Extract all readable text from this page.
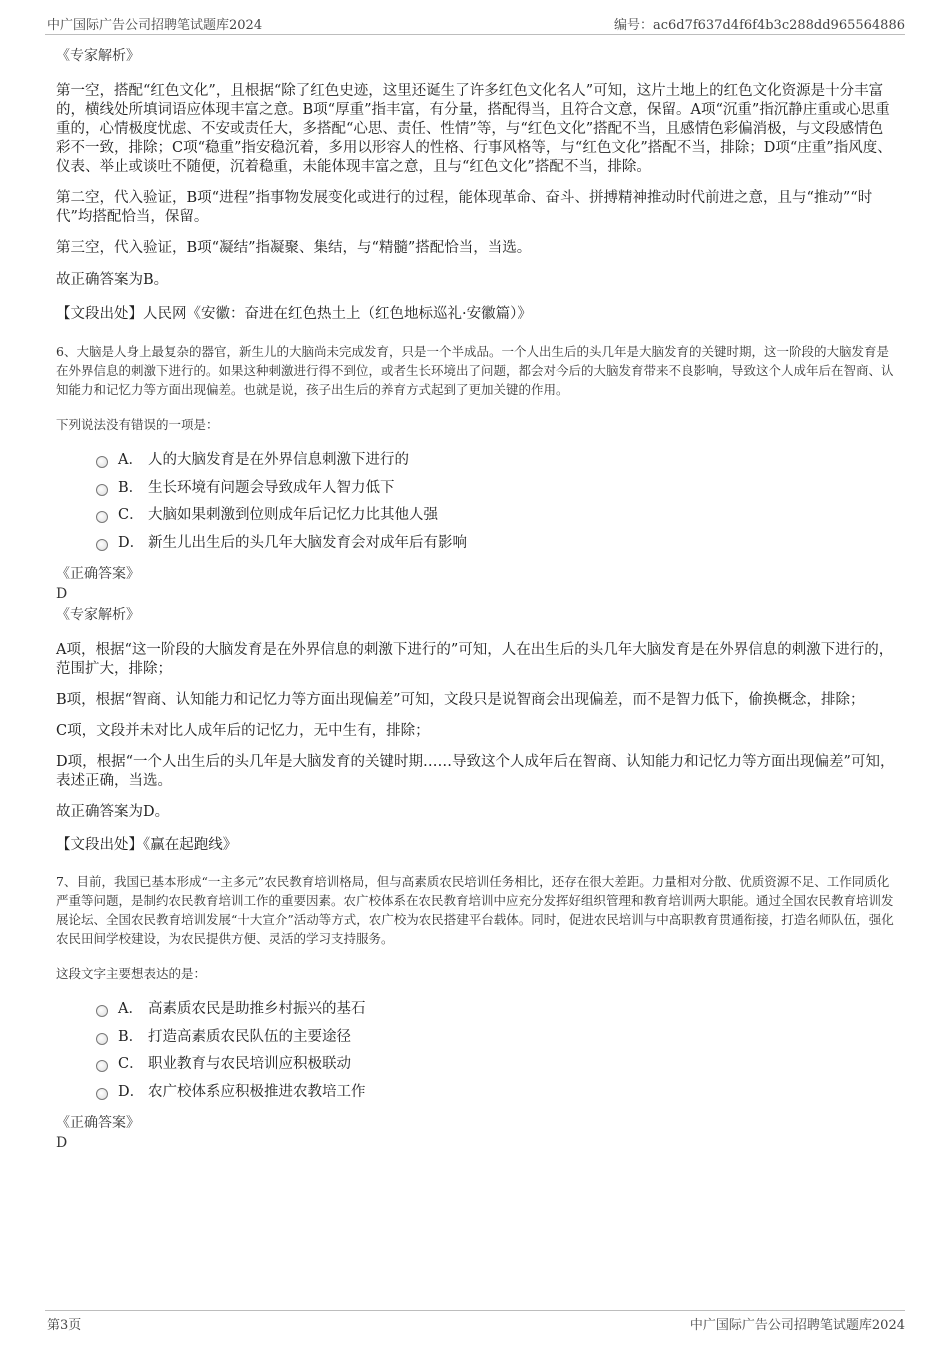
中广国际广告公司招聘笔试题库2024	编号：ac6d7f637d4f6f4b3c288dd965564886

《专家解析》

第一空，搭配“红色文化”，且根据“除了红色史迹，这里还诞生了许多红色文化名人”可知，这片土地上的红色文化资源是十分丰富的，横线处所填词语应体现丰富之意。B项“厚重”指丰富，有分量，搭配得当，且符合文意，保留。A项“沉重”指沉静庄重或心思重重的，心情极度忧虑、不安或责任大，多搭配“心思、责任、性情”等，与“红色文化”搭配不当，且感情色彩偏消极，与文段感情色彩不一致，排除；C项“稳重”指安稳沉着，多用以形容人的性格、行事风格等，与“红色文化”搭配不当，排除；D项“庄重”指风度、仪表、举止或谈吐不随便，沉着稳重，未能体现丰富之意，且与“红色文化”搭配不当，排除。

第二空，代入验证，B项“进程”指事物发展变化或进行的过程，能体现革命、奋斗、拼搏精神推动时代前进之意，且与“推动”“时代”均搭配恰当，保留。

第三空，代入验证，B项“凝结”指凝聚、集结，与“精髓”搭配恰当，当选。

故正确答案为B。

【文段出处】人民网《安徽：奋进在红色热土上（红色地标巡礼·安徽篇）》

6、大脑是人身上最复杂的器官，新生儿的大脑尚未完成发育，只是一个半成品。一个人出生后的头几年是大脑发育的关键时期，这一阶段的大脑发育是在外界信息的刺激下进行的。如果这种刺激进行得不到位，或者生长环境出了问题，都会对今后的大脑发育带来不良影响，导致这个人成年后在智商、认知能力和记忆力等方面出现偏差。也就是说，孩子出生后的养育方式起到了更加关键的作用。

下列说法没有错误的一项是：

A． 人的大脑发育是在外界信息刺激下进行的
B． 生长环境有问题会导致成年人智力低下
C． 大脑如果刺激到位则成年后记忆力比其他人强
D． 新生儿出生后的头几年大脑发育会对成年后有影响

《正确答案》

D

《专家解析》

A项，根据“这一阶段的大脑发育是在外界信息的刺激下进行的”可知，人在出生后的头几年大脑发育是在外界信息的刺激下进行的，范围扩大，排除；

B项，根据“智商、认知能力和记忆力等方面出现偏差”可知，文段只是说智商会出现偏差，而不是智力低下，偷换概念，排除；

C项，文段并未对比人成年后的记忆力，无中生有，排除；

D项，根据“一个人出生后的头几年是大脑发育的关键时期……导致这个人成年后在智商、认知能力和记忆力等方面出现偏差”可知，表述正确，当选。

故正确答案为D。

【文段出处】《赢在起跑线》

7、目前，我国已基本形成“一主多元”农民教育培训格局，但与高素质农民培训任务相比，还存在很大差距。力量相对分散、优质资源不足、工作同质化严重等问题，是制约农民教育培训工作的重要因素。农广校体系在农民教育培训中应充分发挥好组织管理和教育培训两大职能。通过全国农民教育培训发展论坛、全国农民教育培训发展“十大宣介”活动等方式，农广校为农民搭建平台载体。同时，促进农民培训与中高职教育贯通衔接，打造名师队伍，强化农民田间学校建设，为农民提供方便、灵活的学习支持服务。

这段文字主要想表达的是：

A． 高素质农民是助推乡村振兴的基石
B． 打造高素质农民队伍的主要途径
C． 职业教育与农民培训应积极联动
D． 农广校体系应积极推进农教培工作

《正确答案》

D

第3页	中广国际广告公司招聘笔试题库2024
